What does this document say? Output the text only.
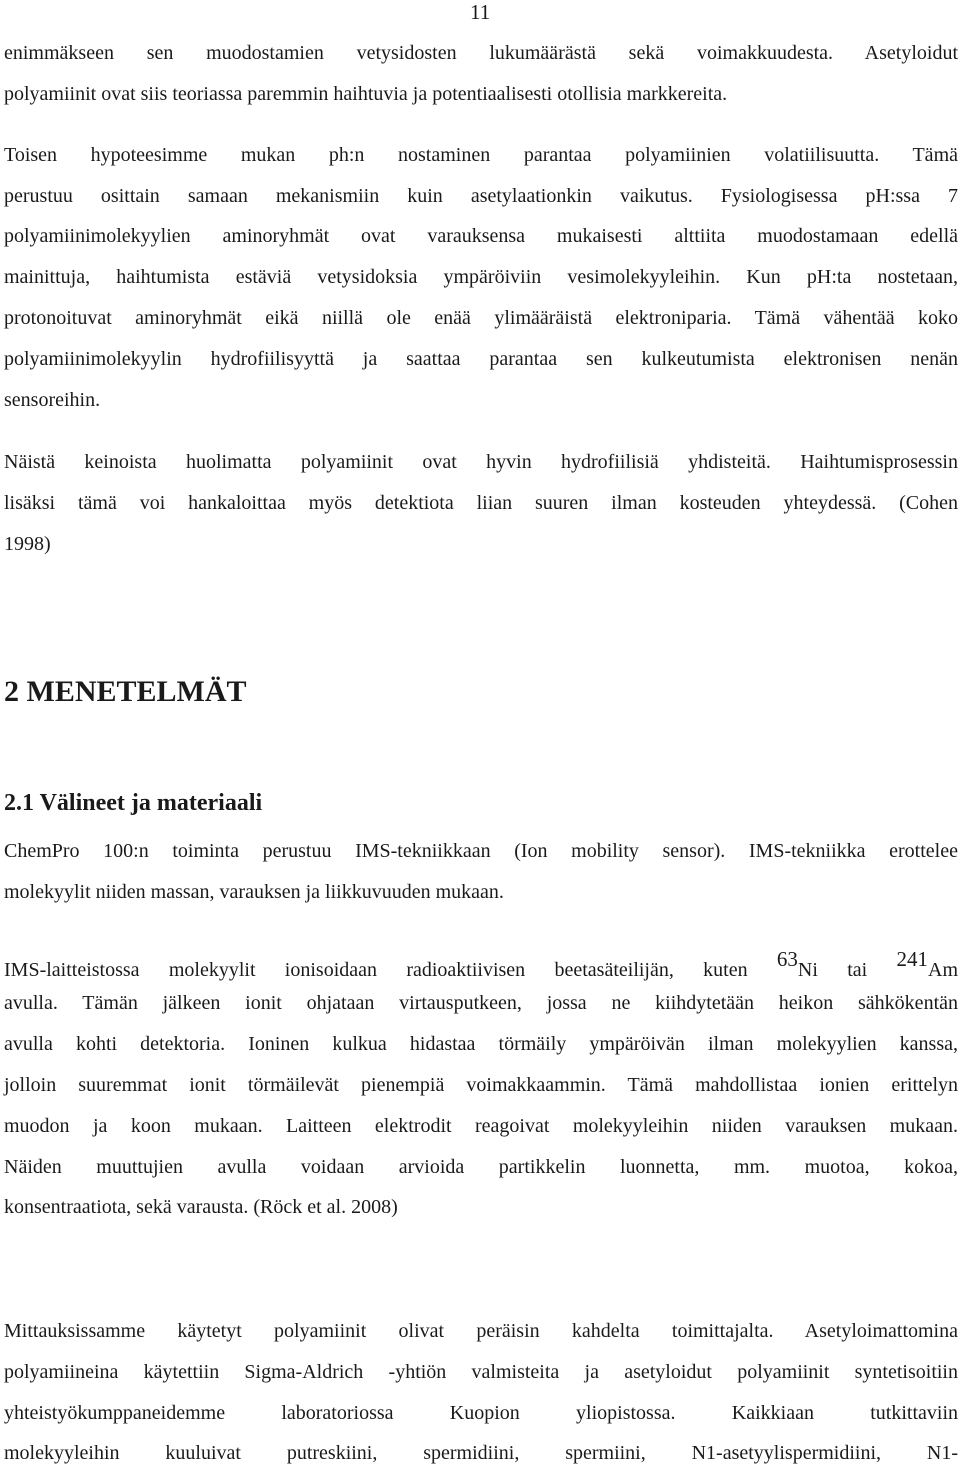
11
enimmäkseen sen muodostamien vetysidosten lukumäärästä sekä voimakkuudesta. Asetyloidut
polyamiinit ovat siis teoriassa paremmin haihtuvia ja potentiaalisesti otollisia markkereita.
Toisen hypoteesimme mukan ph:n nostaminen parantaa polyamiinien volatiilisuutta. Tämä
perustuu osittain samaan mekanismiin kuin asetylaationkin vaikutus. Fysiologisessa pH:ssa 7
polyamiinimolekyylien aminoryhmät ovat varauksensa mukaisesti alttiita muodostamaan edellä
mainittuja, haihtumista estäviä vetysidoksia ympäröiviin vesimolekyyleihin. Kun pH:ta nostetaan,
protonoituvat aminoryhmät eikä niillä ole enää ylimääräistä elektroniparia. Tämä vähentää koko
polyamiinimolekyylin hydrofiilisyyttä ja saattaa parantaa sen kulkeutumista elektronisen nenän
sensoreihin.
Näistä keinoista huolimatta polyamiinit ovat hyvin hydrofiilisiä yhdisteitä. Haihtumisprosessin
lisäksi tämä voi hankaloittaa myös detektiota liian suuren ilman kosteuden yhteydessä. (Cohen
1998)
2 MENETELMÄT
2.1 Välineet ja materiaali
ChemPro 100:n toiminta perustuu IMS-tekniikkaan (Ion mobility sensor). IMS-tekniikka erottelee
molekyylit niiden massan, varauksen ja liikkuvuuden mukaan.
IMS-laitteistossa molekyylit ionisoidaan radioaktiivisen beetasäteilijän, kuten 63Ni tai 241Am
avulla. Tämän jälkeen ionit ohjataan virtausputkeen, jossa ne kiihdytetään heikon sähkökentän
avulla kohti detektoria. Ioninen kulkua hidastaa törmäily ympäröivän ilman molekyylien kanssa,
jolloin suuremmat ionit törmäilevät pienempiä voimakkaammin. Tämä mahdollistaa ionien erittelyn
muodon ja koon mukaan. Laitteen elektrodit reagoivat molekyyleihin niiden varauksen mukaan.
Näiden muuttujien avulla voidaan arvioida partikkelin luonnetta, mm. muotoa, kokoa,
konsentraatiota, sekä varausta. (Röck et al. 2008)
Mittauksissamme käytetyt polyamiinit olivat peräisin kahdelta toimittajalta. Asetyloimattomina
polyamiineina käytettiin Sigma-Aldrich -yhtiön valmisteita ja asetyloidut polyamiinit syntetisoitiin
yhteistyökumppaneidemme laboratoriossa Kuopion yliopistossa. Kaikkiaan tutkittaviin
molekyyleihin kuuluivat putreskiini, spermidiini, spermiini, N1-asetyylispermidiini, N1-
